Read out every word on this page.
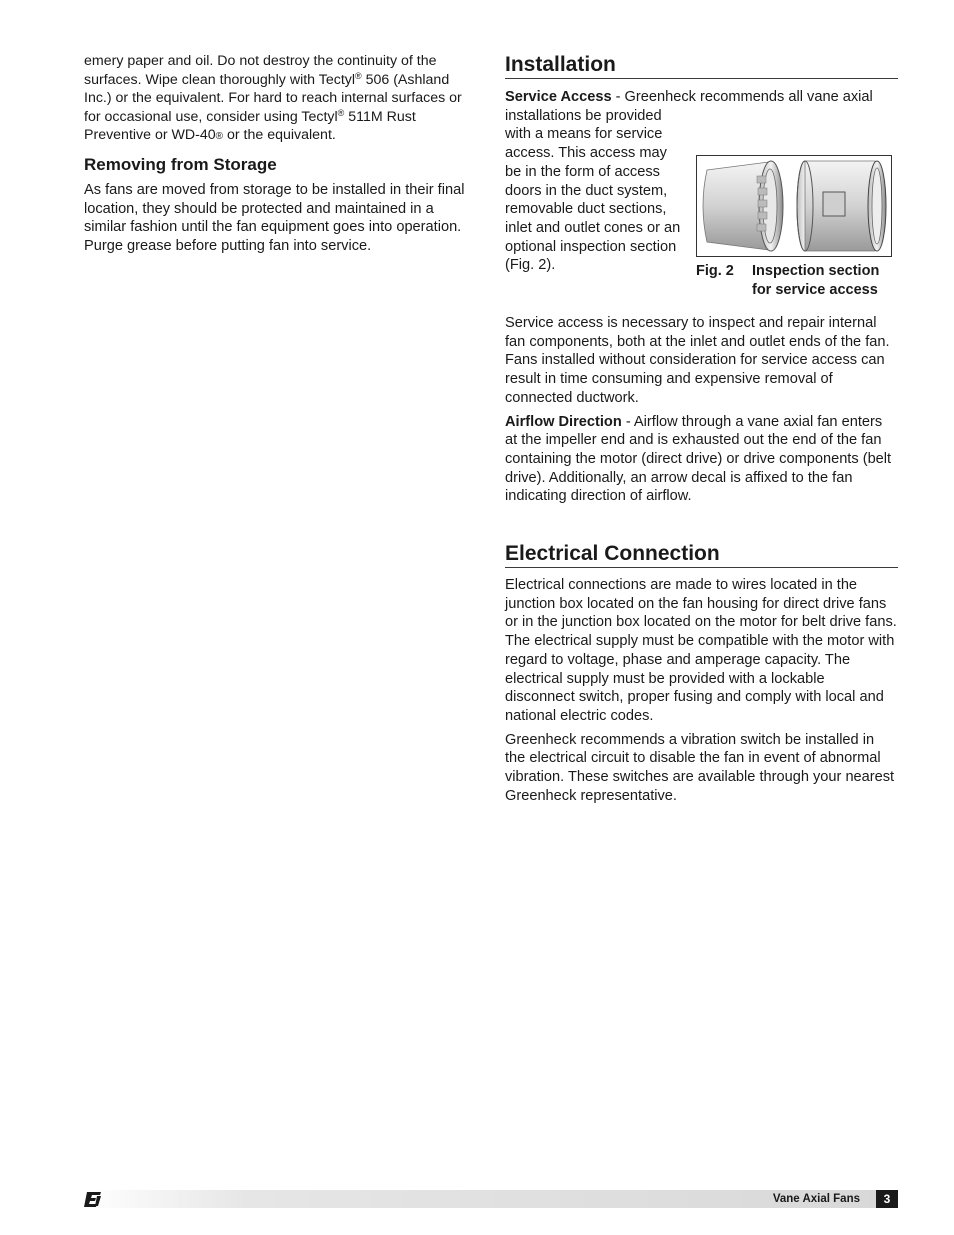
emery paper and oil. Do not destroy the continuity of the surfaces. Wipe clean thoroughly with Tectyl® 506 (Ashland Inc.) or the equivalent. For hard to reach internal surfaces or for occasional use, consider using Tectyl® 511M Rust Preventive or WD-40® or the equivalent.

Removing from Storage

As fans are moved from storage to be installed in their final location, they should be protected and maintained in a similar fashion until the fan equipment goes into operation. Purge grease before putting fan into service.

Installation

Service Access - Greenheck recommends all vane axial

installations be provided with a means for service access. This access may be in the form of access doors in the duct system, removable duct sections, inlet and outlet cones or an optional inspection section (Fig. 2).	Fig. 2	Inspection section for service access

Service access is necessary to inspect and repair internal fan components, both at the inlet and outlet ends of the fan. Fans installed without consideration for service access can result in time consuming and expensive removal of connected ductwork.

Airflow Direction - Airflow through a vane axial fan enters at the impeller end and is exhausted out the end of the fan containing the motor (direct drive) or drive components (belt drive). Additionally, an arrow decal is affixed to the fan indicating direction of airflow.

Electrical Connection

Electrical connections are made to wires located in the junction box located on the fan housing for direct drive fans or in the junction box located on the motor for belt drive fans. The electrical supply must be compatible with the motor with regard to voltage, phase and amperage capacity. The electrical supply must be provided with a lockable disconnect switch, proper fusing and comply with local and national electric codes.

Greenheck recommends a vibration switch be installed in the electrical circuit to disable the fan in event of abnormal vibration. These switches are available through your nearest Greenheck representative.

Vane Axial Fans	3
